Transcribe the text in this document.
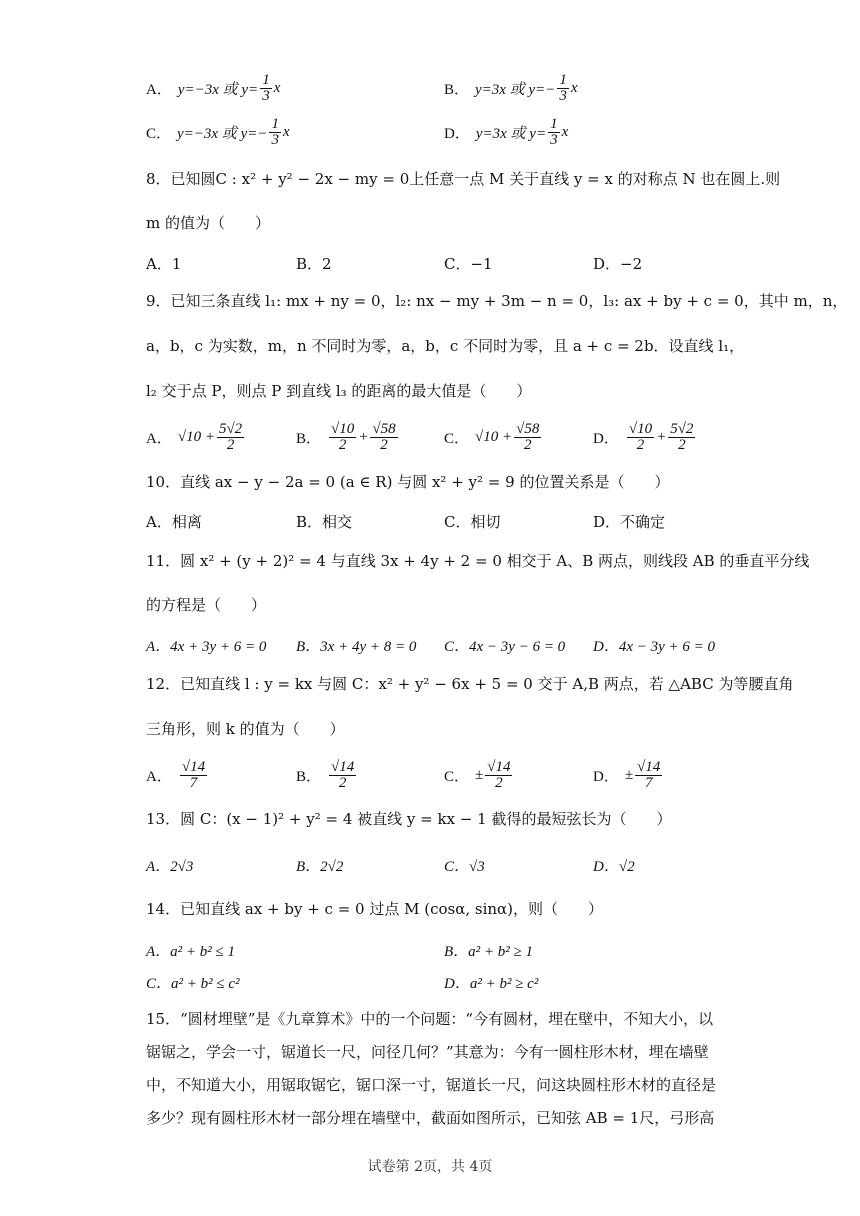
A． y=−3x 或 $y= \frac{1}{3}$ x	B． y=3x 或 $y=- \frac{1}{3}$ x
C． y=−3x 或 $y=- \frac{1}{3}$ x	D． y=3x 或 $y= \frac{1}{3}$ x
8．已知圆C : x² + y² − 2x − my = 0上任意一点 M 关于直线 y = x 的对称点 N 也在圆上.则
m 的值为（　　）
A．1	B．2	C．−1	D．−2
9．已知三条直线 l₁: mx + ny = 0，l₂: nx − my + 3m − n = 0，l₃: ax + by + c = 0，其中 m，n，
a，b，c 为实数，m，n 不同时为零，a，b，c 不同时为零，且 a + c = 2b．设直线 l₁，
l₂ 交于点 P，则点 P 到直线 l₃ 的距离的最大值是（　　）
A． $√10 + \frac{5√2}{2}$	B． $\frac{√10}{2} + \frac{√58}{2}$	C． $√10 + \frac{√58}{2}$	D． $\frac{√10}{2} + \frac{5√2}{2}$
10．直线 ax − y − 2a = 0 (a ∈ R) 与圆 x² + y² = 9 的位置关系是（　　）
A．相离	B．相交	C．相切	D．不确定
11．圆 x² + (y + 2)² = 4 与直线 3x + 4y + 2 = 0 相交于 A、B 两点，则线段 AB 的垂直平分线
的方程是（　　）
A．4x + 3y + 6 = 0 B．3x + 4y + 8 = 0 C．4x − 3y − 6 = 0 D．4x − 3y + 6 = 0
12．已知直线 l : y = kx 与圆 C：x² + y² − 6x + 5 = 0 交于 A,B 两点，若 △ABC 为等腰直角
三角形，则 k 的值为（　　）
A． $\frac{√14}{7}$	B． $\frac{√14}{2}$	C． ± $\frac{√14}{2}$	D． ± $\frac{√14}{7}$
13．圆 C：(x − 1)² + y² = 4 被直线 y = kx − 1 截得的最短弦长为（　　）
A．2√3	B．2√2	C．√3	D．√2
14．已知直线 ax + by + c = 0 过点 M (cosα, sinα)，则（　　）
A．a² + b² ≤ 1	B．a² + b² ≥ 1
C．a² + b² ≤ c²	D．a² + b² ≥ c²
15．“圆材埋壁”是《九章算术》中的一个问题：“今有圆材，埋在壁中，不知大小，以
锯锯之，学会一寸，锯道长一尺，问径几何？”其意为：今有一圆柱形木材，埋在墙壁
中，不知道大小，用锯取锯它，锯口深一寸，锯道长一尺，问这块圆柱形木材的直径是
多少？现有圆柱形木材一部分埋在墙壁中，截面如图所示，已知弦 AB = 1尺，弓形高
试卷第 2页，共 4页
